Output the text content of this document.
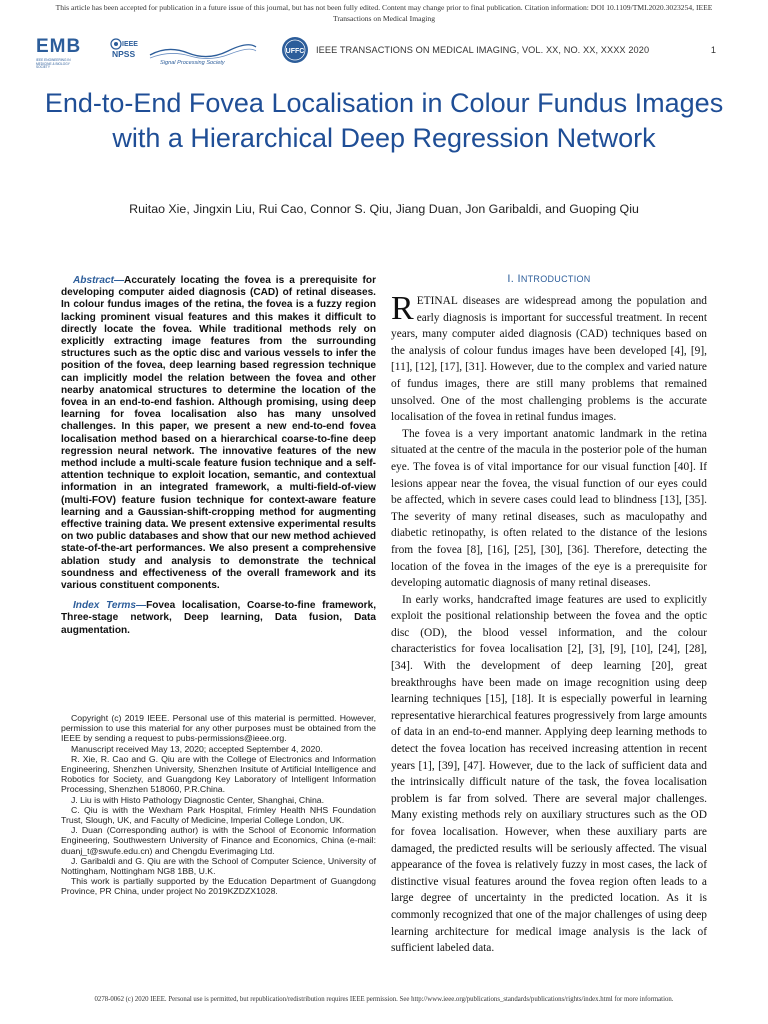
This article has been accepted for publication in a future issue of this journal, but has not been fully edited. Content may change prior to final publication. Citation information: DOI 10.1109/TMI.2020.3023254, IEEE
Transactions on Medical Imaging
EMB
IEEE ENGINEERING IN MEDICINE & BIOLOGY SOCIETY
IEEE
NPSS
Signal Processing Society
UFFC IEEE TRANSACTIONS ON MEDICAL IMAGING, VOL. XX, NO. XX, XXXX 2020	1
End-to-End Fovea Localisation in Colour Fundus Images with a Hierarchical Deep Regression Network
Ruitao Xie, Jingxin Liu, Rui Cao, Connor S. Qiu, Jiang Duan, Jon Garibaldi, and Guoping Qiu
Abstract—Accurately locating the fovea is a prerequisite for developing computer aided diagnosis (CAD) of retinal diseases. In colour fundus images of the retina, the fovea is a fuzzy region lacking prominent visual features and this makes it difficult to directly locate the fovea. While traditional methods rely on explicitly extracting image features from the surrounding structures such as the optic disc and various vessels to infer the position of the fovea, deep learning based regression technique can implicitly model the relation between the fovea and other nearby anatomical structures to determine the location of the fovea in an end-to-end fashion. Although promising, using deep learning for fovea localisation also has many unsolved challenges. In this paper, we present a new end-to-end fovea localisation method based on a hierarchical coarse-to-fine deep regression neural network. The innovative features of the new method include a multi-scale feature fusion technique and a self-attention technique to exploit location, semantic, and contextual information in an integrated framework, a multi-field-of-view (multi-FOV) feature fusion technique for context-aware feature learning and a Gaussian-shift-cropping method for augmenting effective training data. We present extensive experimental results on two public databases and show that our new method achieved state-of-the-art performances. We also present a comprehensive ablation study and analysis to demonstrate the technical soundness and effectiveness of the overall framework and its various constituent components.
Index Terms—Fovea localisation, Coarse-to-fine framework, Three-stage network, Deep learning, Data fusion, Data augmentation.

Copyright (c) 2019 IEEE. Personal use of this material is permitted. However, permission to use this material for any other purposes must be obtained from the IEEE by sending a request to pubs-permissions@ieee.org.

Manuscript received May 13, 2020; accepted September 4, 2020.

R. Xie, R. Cao and G. Qiu are with the College of Electronics and Information Engineering, Shenzhen University, Shenzhen Insitute of Artificial Intelligence and Robotics for Society, and Guangdong Key Laboratory of Intelligent Information Processing, Shenzhen 518060, P.R.China.

J. Liu is with Histo Pathology Diagnostic Center, Shanghai, China.

C. Qiu is with the Wexham Park Hospital, Frimley Health NHS Foundation Trust, Slough, UK, and Faculty of Medicine, Imperial College London, UK.

J. Duan (Corresponding author) is with the School of Economic Information Engineering, Southwestern University of Finance and Economics, China (e-mail: duanj_t@swufe.edu.cn) and Chengdu Everimaging Ltd.

J. Garibaldi and G. Qiu are with the School of Computer Science, University of Nottingham, Nottingham NG8 1BB, U.K.

This work is partially supported by the Education Department of Guangdong Province, PR China, under project No 2019KZDZX1028.

I. INTRODUCTION

RETINAL diseases are widespread among the population and early diagnosis is important for successful treatment. In recent years, many computer aided diagnosis (CAD) techniques based on the analysis of colour fundus images have been developed [4], [9], [11], [12], [17], [31]. However, due to the complex and varied nature of fundus images, there are still many problems that remained unsolved. One of the most challenging problems is the accurate localisation of the fovea in retinal fundus images.

The fovea is a very important anatomic landmark in the retina situated at the centre of the macula in the posterior pole of the human eye. The fovea is of vital importance for our visual function [40]. If lesions appear near the fovea, the visual function of our eyes could be affected, which in severe cases could lead to blindness [13], [35]. The severity of many retinal diseases, such as maculopathy and diabetic retinopathy, is often related to the distance of the lesions from the fovea [8], [16], [25], [30], [36]. Therefore, detecting the location of the fovea in the images of the eye is a prerequisite for developing automatic diagnosis of many retinal diseases.

In early works, handcrafted image features are used to explicitly exploit the positional relationship between the fovea and the optic disc (OD), the blood vessel information, and the colour characteristics for fovea localisation [2], [3], [9], [10], [24], [28], [34]. With the development of deep learning [20], great breakthroughs have been made on image recognition using deep learning techniques [15], [18]. It is especially powerful in learning representative hierarchical features progressively from large amounts of data in an end-to-end manner. Applying deep learning methods to detect the fovea location has received increasing attention in recent years [1], [39], [47]. However, due to the lack of sufficient data and the intrinsically difficult nature of the task, the fovea localisation problem is far from solved. There are several major challenges. Many existing methods rely on auxiliary structures such as the OD for fovea localisation. However, when these auxiliary parts are damaged, the predicted results will be seriously affected. The visual appearance of the fovea is relatively fuzzy in most cases, the lack of distinctive visual features around the fovea region often leads to a large degree of uncertainty in the predicted location. As it is commonly recognized that one of the major challenges of using deep learning architecture for medical image analysis is the lack of sufficient labeled data.

0278-0062 (c) 2020 IEEE. Personal use is permitted, but republication/redistribution requires IEEE permission. See http://www.ieee.org/publications_standards/publications/rights/index.html for more information.
